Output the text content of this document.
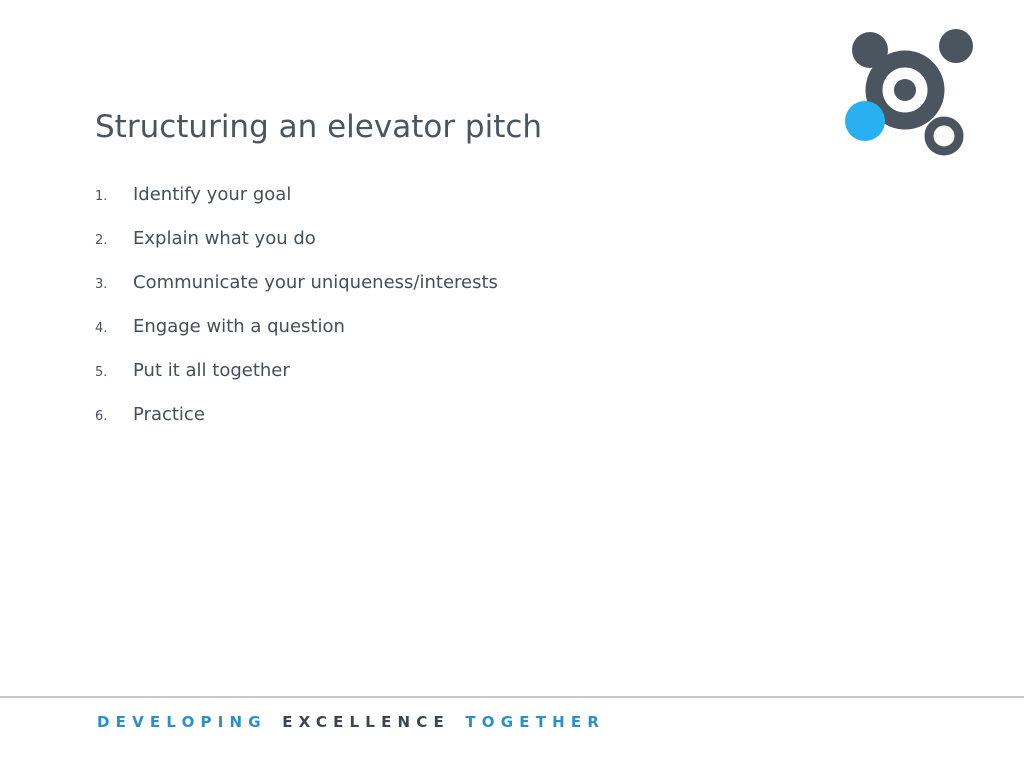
Structuring an elevator pitch
1.	Identify your goal
2.	Explain what you do
3.	Communicate your uniqueness/interests
4.	Engage with a question
5.	Put it all together
6.	Practice

DEVELOPING EXCELLENCE TOGETHER
